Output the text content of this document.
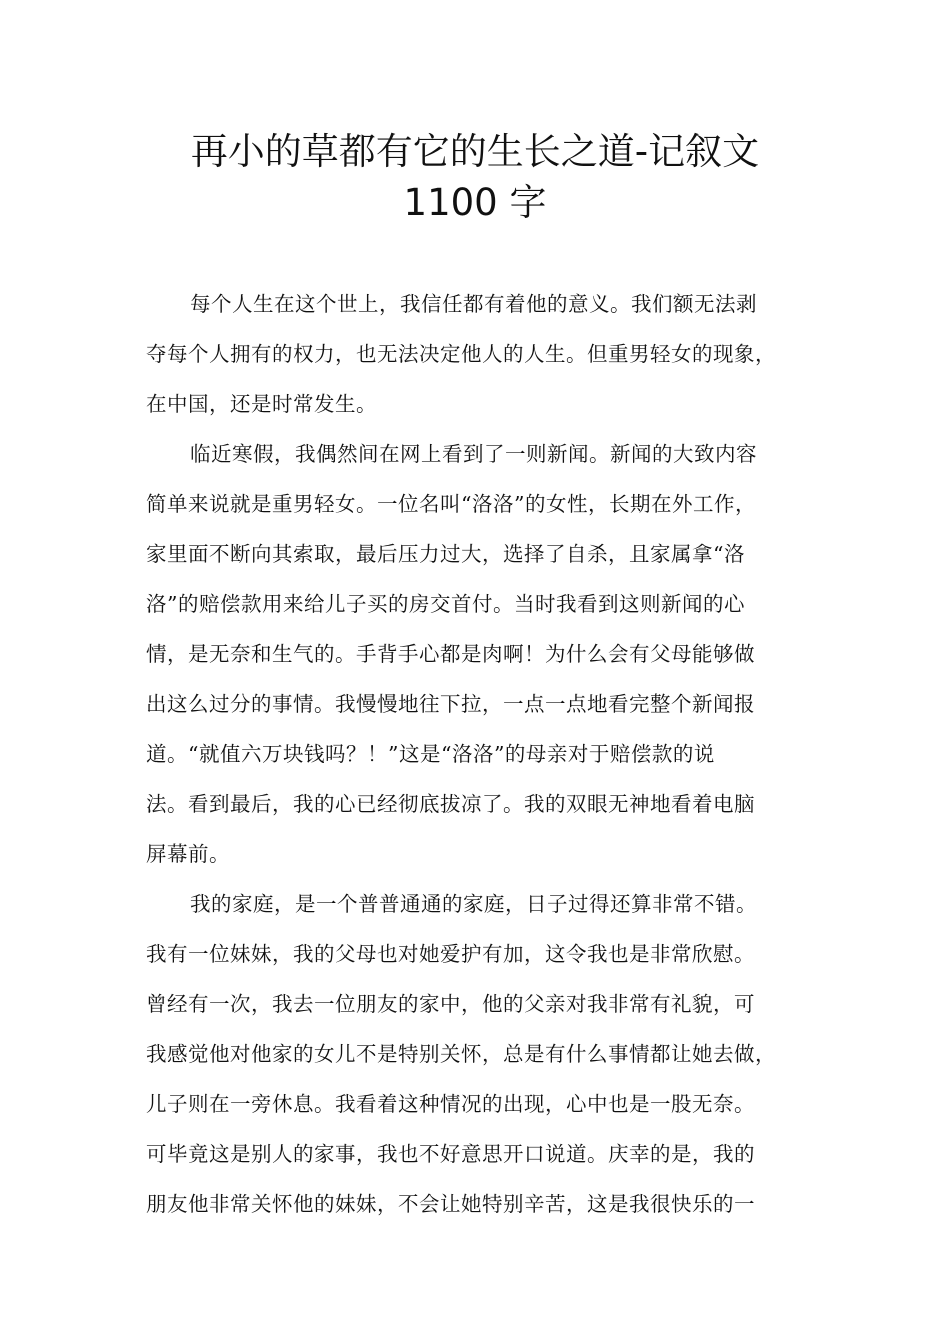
再小的草都有它的生长之道-记叙文
1100 字

每个人生在这个世上，我信任都有着他的意义。我们额无法剥
夺每个人拥有的权力，也无法决定他人的人生。但重男轻女的现象，
在中国，还是时常发生。

临近寒假，我偶然间在网上看到了一则新闻。新闻的大致内容
简单来说就是重男轻女。一位名叫“洛洛”的女性，长期在外工作，
家里面不断向其索取，最后压力过大，选择了自杀，且家属拿“洛
洛”的赔偿款用来给儿子买的房交首付。当时我看到这则新闻的心
情，是无奈和生气的。手背手心都是肉啊！为什么会有父母能够做
出这么过分的事情。我慢慢地往下拉，一点一点地看完整个新闻报
道。“就值六万块钱吗？！”这是“洛洛”的母亲对于赔偿款的说
法。看到最后，我的心已经彻底拔凉了。我的双眼无神地看着电脑
屏幕前。

我的家庭，是一个普普通通的家庭，日子过得还算非常不错。
我有一位妹妹，我的父母也对她爱护有加，这令我也是非常欣慰。
曾经有一次，我去一位朋友的家中，他的父亲对我非常有礼貌，可
我感觉他对他家的女儿不是特别关怀，总是有什么事情都让她去做，
儿子则在一旁休息。我看着这种情况的出现，心中也是一股无奈。
可毕竟这是别人的家事，我也不好意思开口说道。庆幸的是，我的
朋友他非常关怀他的妹妹，不会让她特别辛苦，这是我很快乐的一
